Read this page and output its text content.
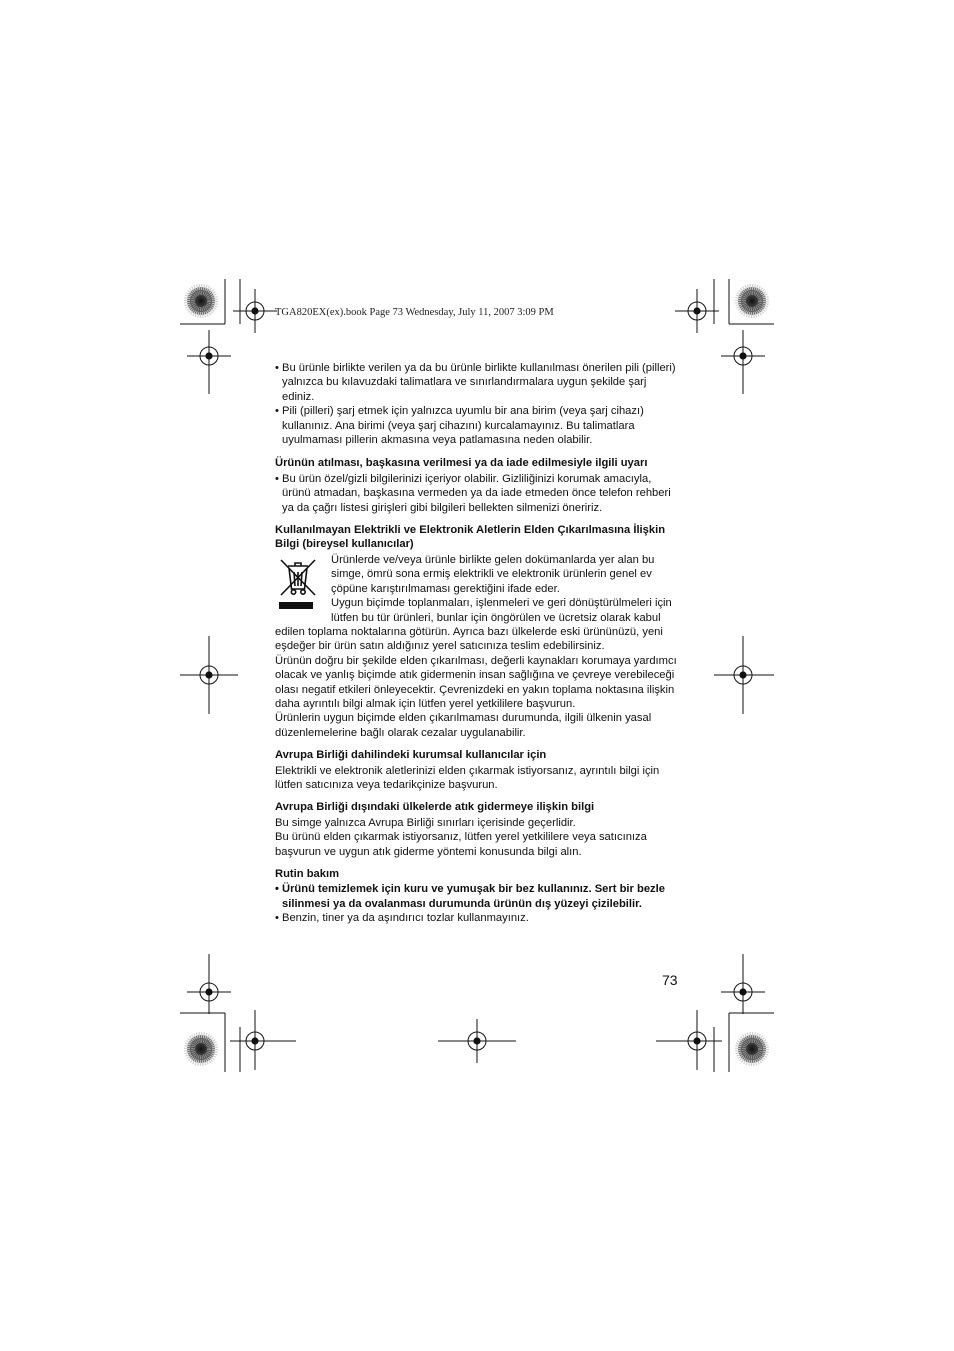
TGA820EX(ex).book Page 73 Wednesday, July 11, 2007 3:09 PM

• Bu ürünle birlikte verilen ya da bu ürünle birlikte kullanılması önerilen pili (pilleri) yalnızca bu kılavuzdaki talimatlara ve sınırlandırmalara uygun şekilde şarj ediniz.

• Pili (pilleri) şarj etmek için yalnızca uyumlu bir ana birim (veya şarj cihazı) kullanınız. Ana birimi (veya şarj cihazını) kurcalamayınız. Bu talimatlara uyulmaması pillerin akmasına veya patlamasına neden olabilir.

Ürünün atılması, başkasına verilmesi ya da iade edilmesiyle ilgili uyarı

• Bu ürün özel/gizli bilgilerinizi içeriyor olabilir. Gizliliğinizi korumak amacıyla, ürünü atmadan, başkasına vermeden ya da iade etmeden önce telefon rehberi ya da çağrı listesi girişleri gibi bilgileri bellekten silmenizi öneririz.

Kullanılmayan Elektrikli ve Elektronik Aletlerin Elden Çıkarılmasına İlişkin Bilgi (bireysel kullanıcılar)

Ürünlerde ve/veya ürünle birlikte gelen dokümanlarda yer alan bu simge, ömrü sona ermiş elektrikli ve elektronik ürünlerin genel ev çöpüne karıştırılmaması gerektiğini ifade eder.

Uygun biçimde toplanmaları, işlenmeleri ve geri dönüştürülmeleri için lütfen bu tür ürünleri, bunlar için öngörülen ve ücretsiz olarak kabul edilen toplama noktalarına götürün. Ayrıca bazı ülkelerde eski ürününüzü, yeni eşdeğer bir ürün satın aldığınız yerel satıcınıza teslim edebilirsiniz.

Ürünün doğru bir şekilde elden çıkarılması, değerli kaynakları korumaya yardımcı olacak ve yanlış biçimde atık gidermenin insan sağlığına ve çevreye verebileceği olası negatif etkileri önleyecektir. Çevrenizdeki en yakın toplama noktasına ilişkin daha ayrıntılı bilgi almak için lütfen yerel yetkililere başvurun.

Ürünlerin uygun biçimde elden çıkarılmaması durumunda, ilgili ülkenin yasal düzenlemelerine bağlı olarak cezalar uygulanabilir.

Avrupa Birliği dahilindeki kurumsal kullanıcılar için

Elektrikli ve elektronik aletlerinizi elden çıkarmak istiyorsanız, ayrıntılı bilgi için lütfen satıcınıza veya tedarikçinize başvurun.

Avrupa Birliği dışındaki ülkelerde atık gidermeye ilişkin bilgi

Bu simge yalnızca Avrupa Birliği sınırları içerisinde geçerlidir.

Bu ürünü elden çıkarmak istiyorsanız, lütfen yerel yetkililere veya satıcınıza başvurun ve uygun atık giderme yöntemi konusunda bilgi alın.

Rutin bakım

• Ürünü temizlemek için kuru ve yumuşak bir bez kullanınız. Sert bir bezle silinmesi ya da ovalanması durumunda ürünün dış yüzeyi çizilebilir.

• Benzin, tiner ya da aşındırıcı tozlar kullanmayınız.

73
